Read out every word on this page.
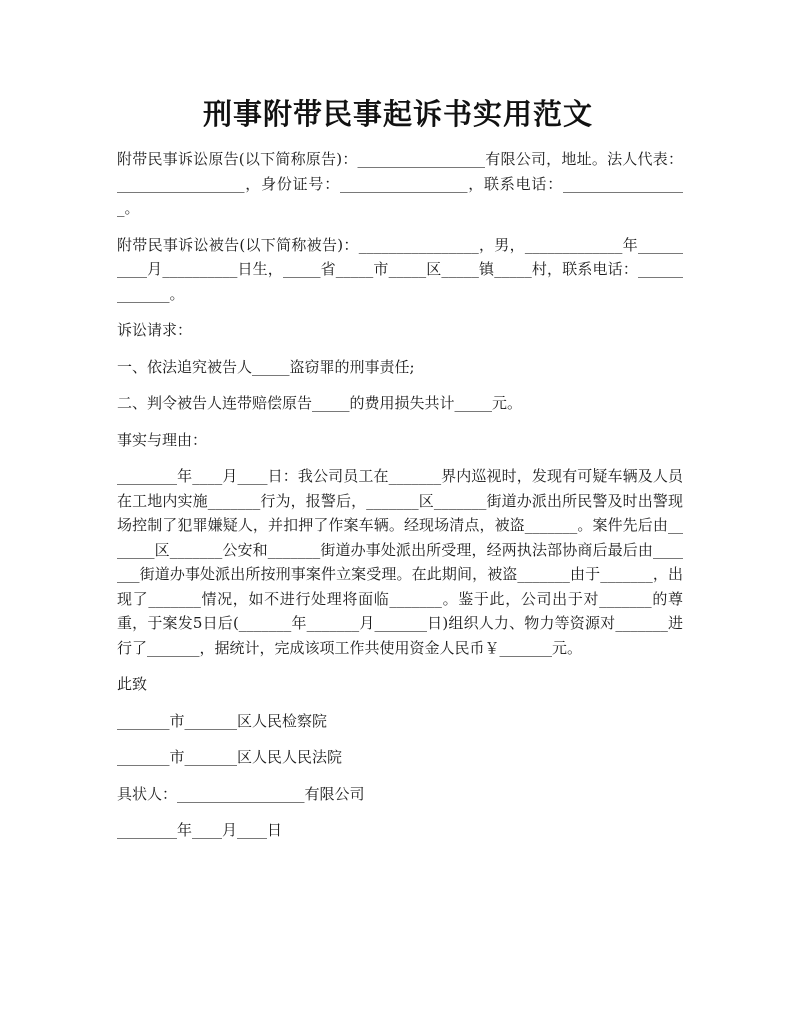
刑事附带民事起诉书实用范文

附带民事诉讼原告(以下简称原告)：_________________有限公司，地址。法人代表：_________________，身份证号：_________________，联系电话：_________________。

附带民事诉讼被告(以下简称被告)：________________，男，_____________年__________月__________日生，_____省_____市_____区_____镇_____村，联系电话：_____________。

诉讼请求：

一、依法追究被告人_____盗窃罪的刑事责任;

二、判令被告人连带赔偿原告_____的费用损失共计_____元。

事实与理由：

________年____月____日：我公司员工在_______界内巡视时，发现有可疑车辆及人员在工地内实施_______行为，报警后，_______区_______街道办派出所民警及时出警现场控制了犯罪嫌疑人，并扣押了作案车辆。经现场清点，被盗_______。案件先后由_______区_______公安和_______街道办事处派出所受理，经两执法部协商后最后由_______街道办事处派出所按刑事案件立案受理。在此期间，被盗_______由于_______，出现了_______情况，如不进行处理将面临_______。鉴于此，公司出于对_______的尊重，于案发5日后(_______年_______月_______日)组织人力、物力等资源对_______进行了_______，据统计，完成该项工作共使用资金人民币￥_______元。

此致

_______市_______区人民检察院

_______市_______区人民人民法院

具状人：_________________有限公司

________年____月____日
